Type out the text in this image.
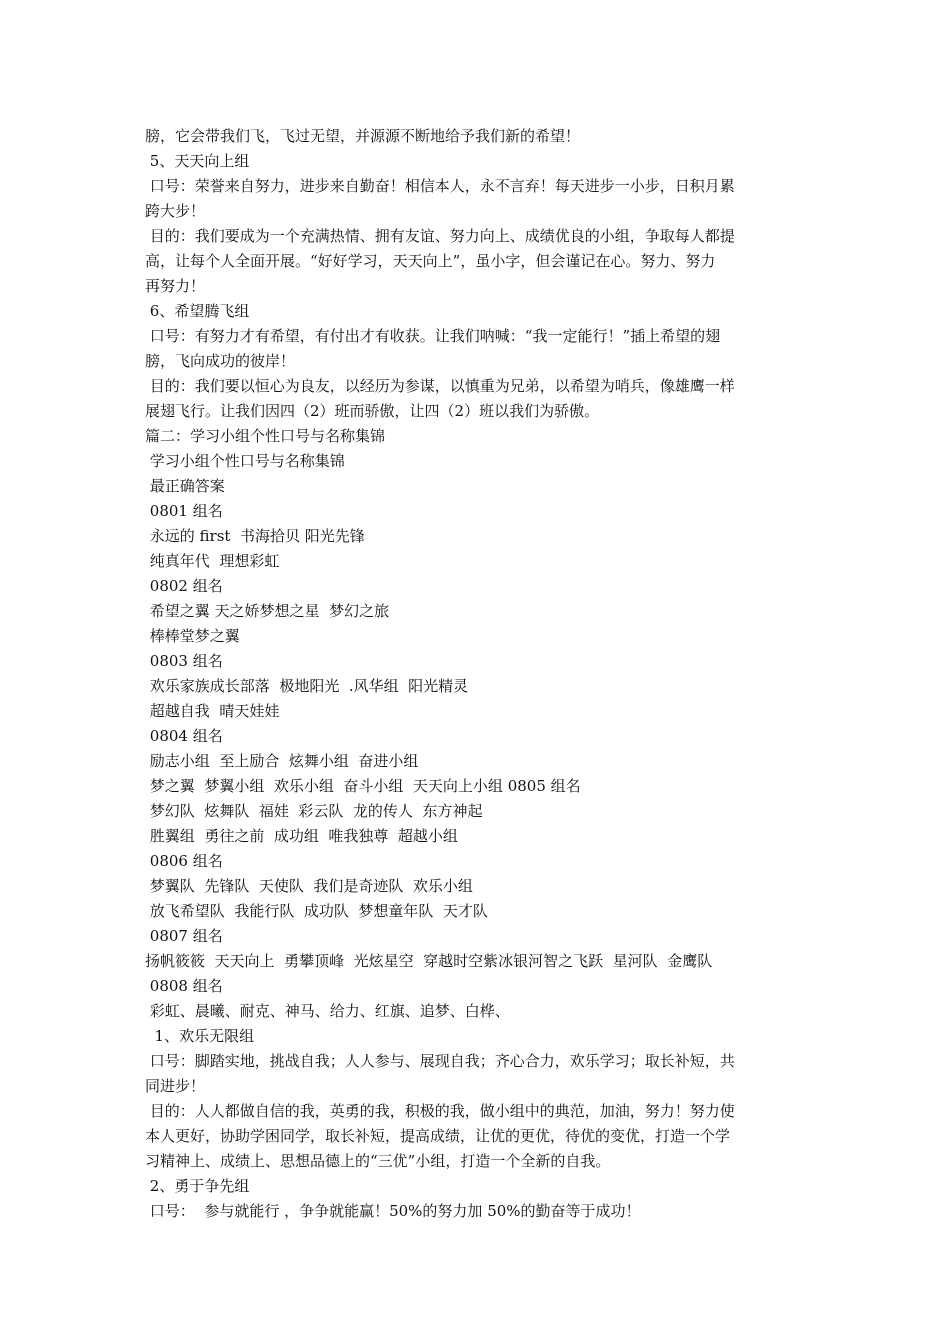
膀，它会带我们飞，飞过无望，并源源不断地给予我们新的希望！

5、天天向上组

口号：荣誉来自努力，进步来自勤奋！相信本人，永不言弃！每天进步一小步，日积月累

跨大步！

目的：我们要成为一个充满热情、拥有友谊、努力向上、成绩优良的小组，争取每人都提

高，让每个人全面开展。“好好学习，天天向上”，虽小字，但会谨记在心。努力、努力

再努力！

6、希望腾飞组

口号：有努力才有希望，有付出才有收获。让我们呐喊：“我一定能行！”插上希望的翅

膀，飞向成功的彼岸！

目的：我们要以恒心为良友，以经历为参谋，以慎重为兄弟，以希望为哨兵，像雄鹰一样

展翅飞行。让我们因四（2）班而骄傲，让四（2）班以我们为骄傲。

篇二：学习小组个性口号与名称集锦

学习小组个性口号与名称集锦

最正确答案

0801 组名

永远的 first  书海拾贝 阳光先锋

纯真年代  理想彩虹

0802 组名

希望之翼 天之娇梦想之星  梦幻之旅

棒棒堂梦之翼

0803 组名

欢乐家族成长部落  极地阳光  .风华组  阳光精灵

超越自我  晴天娃娃

0804 组名

励志小组  至上励合  炫舞小组  奋进小组

梦之翼  梦翼小组  欢乐小组  奋斗小组  天天向上小组 0805 组名

梦幻队  炫舞队  福娃  彩云队  龙的传人  东方神起

胜翼组  勇往之前  成功组  唯我独尊  超越小组

0806 组名

梦翼队  先锋队  天使队  我们是奇迹队  欢乐小组

放飞希望队  我能行队  成功队  梦想童年队  天才队

0807 组名

扬帆筱筱  天天向上  勇攀顶峰  光炫星空  穿越时空紫冰银河智之飞跃  星河队  金鹰队

0808 组名

彩虹、晨曦、耐克、神马、给力、红旗、追梦、白桦、

1、欢乐无限组

口号：脚踏实地，挑战自我；人人参与、展现自我；齐心合力，欢乐学习；取长补短，共

同进步！

目的：人人都做自信的我，英勇的我，积极的我，做小组中的典范，加油，努力！努力使

本人更好，协助学困同学，取长补短，提高成绩，让优的更优，待优的变优，打造一个学

习精神上、成绩上、思想品德上的“三优”小组，打造一个全新的自我。

2、勇于争先组

口号：  参与就能行 ，争争就能赢！50%的努力加 50%的勤奋等于成功！
